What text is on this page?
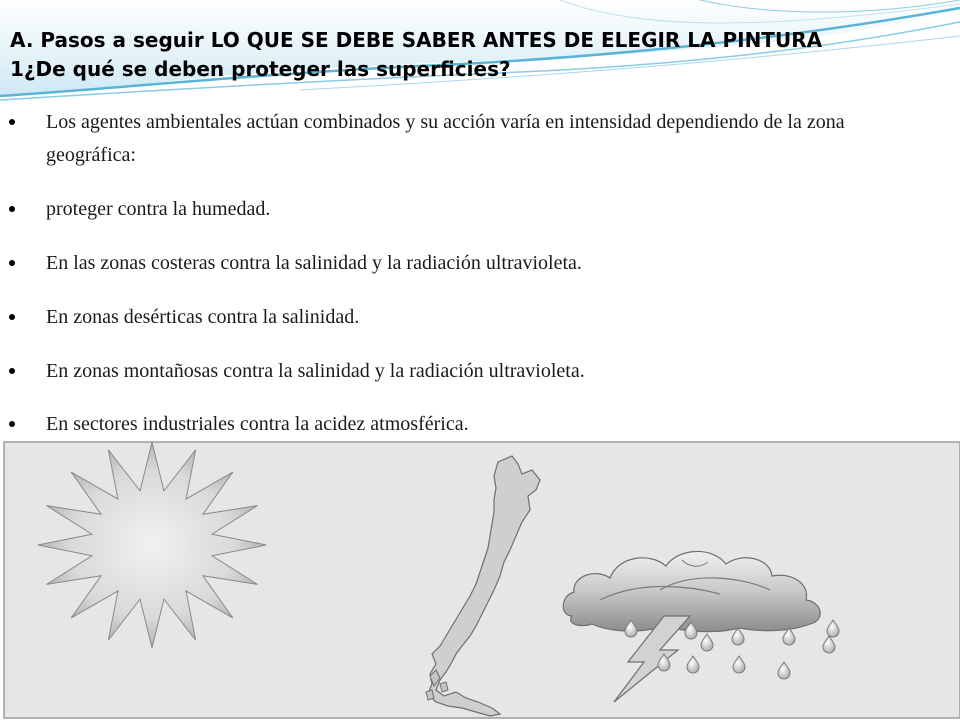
A. Pasos a seguir LO QUE SE DEBE SABER ANTES DE ELEGIR LA PINTURA
1¿De qué se deben proteger las superficies?
Los agentes ambientales actúan combinados y su acción varía en intensidad dependiendo de la zona geográfica:
proteger contra la humedad.
En las zonas costeras contra la salinidad y la radiación ultravioleta.
En zonas desérticas contra la salinidad.
En zonas montañosas contra la salinidad y la radiación ultravioleta.
En sectores industriales contra la acidez atmosférica.
